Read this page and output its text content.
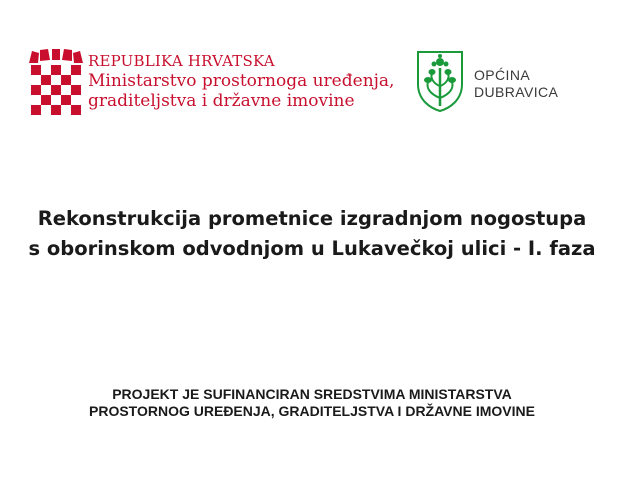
REPUBLIKA HRVATSKA
Ministarstvo prostornoga uređenja,
graditeljstva i državne imovine
OPĆINA
DUBRAVICA
Rekonstrukcija prometnice izgradnjom nogostupa
s oborinskom odvodnjom u Lukavečkoj ulici - I. faza
PROJEKT JE SUFINANCIRAN SREDSTVIMA MINISTARSTVA
PROSTORNOG UREĐENJA, GRADITELJSTVA I DRŽAVNE IMOVINE
